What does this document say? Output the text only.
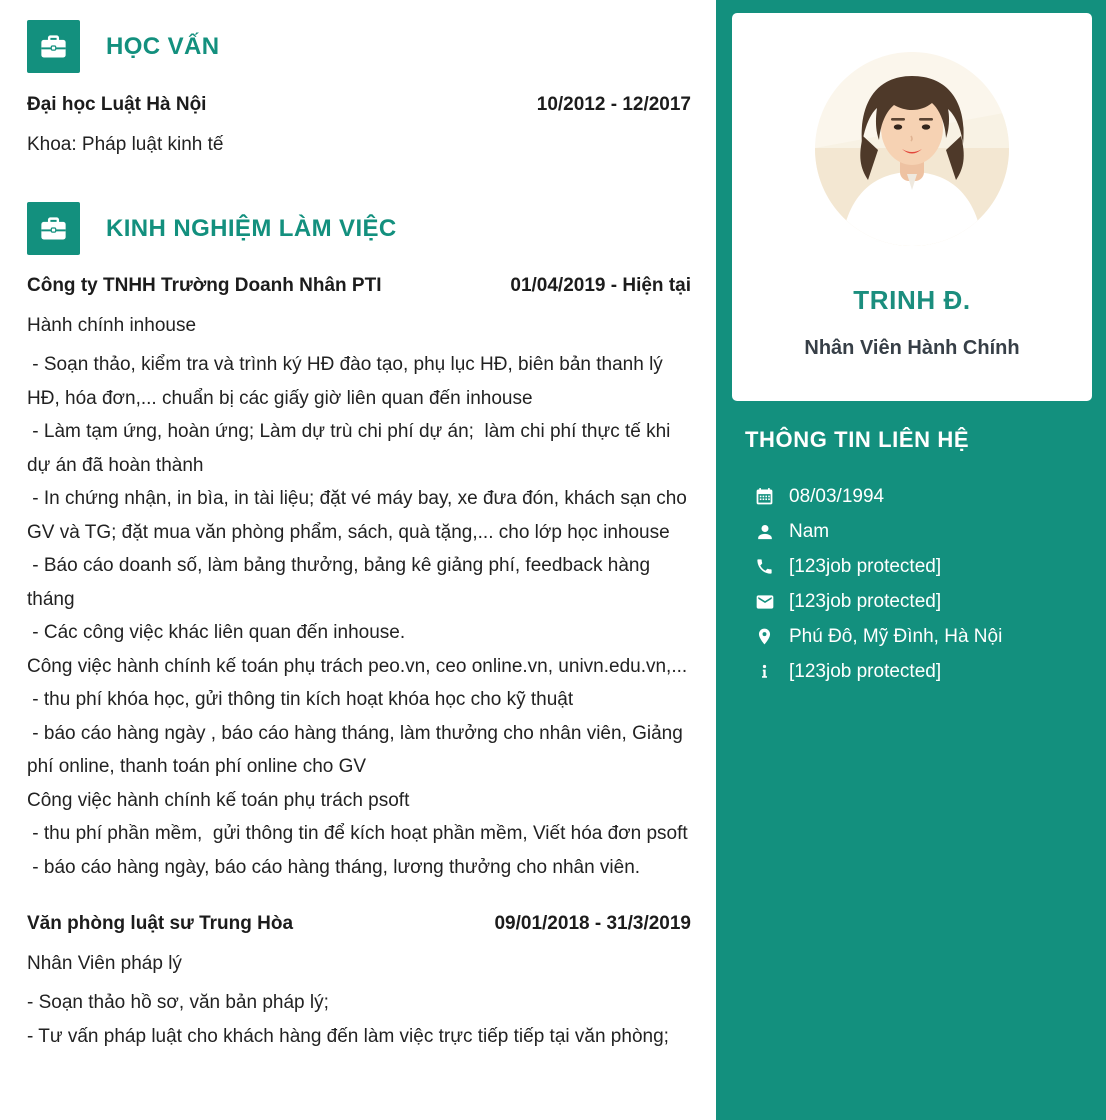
HỌC VẤN
Đại học Luật Hà Nội	10/2012 - 12/2017
Khoa: Pháp luật kinh tế
KINH NGHIỆM LÀM VIỆC
Công ty TNHH Trường Doanh Nhân PTI	01/04/2019 - Hiện tại
Hành chính inhouse

- Soạn thảo, kiểm tra và trình ký HĐ đào tạo, phụ lục HĐ, biên bản thanh lý HĐ, hóa đơn,... chuẩn bị các giấy giờ liên quan đến inhouse

- Làm tạm ứng, hoàn ứng; Làm dự trù chi phí dự án;  làm chi phí thực tế khi dự án đã hoàn thành

- In chứng nhận, in bìa, in tài liệu; đặt vé máy bay, xe đưa đón, khách sạn cho GV và TG; đặt mua văn phòng phẩm, sách, quà tặng,... cho lớp học inhouse

- Báo cáo doanh số, làm bảng thưởng, bảng kê giảng phí, feedback hàng tháng

- Các công việc khác liên quan đến inhouse.

Công việc hành chính kế toán phụ trách peo.vn, ceo online.vn, univn.edu.vn,...

- thu phí khóa học, gửi thông tin kích hoạt khóa học cho kỹ thuật

- báo cáo hàng ngày , báo cáo hàng tháng, làm thưởng cho nhân viên, Giảng phí online, thanh toán phí online cho GV

Công việc hành chính kế toán phụ trách psoft

- thu phí phần mềm,  gửi thông tin để kích hoạt phần mềm, Viết hóa đơn psoft

- báo cáo hàng ngày, báo cáo hàng tháng, lương thưởng cho nhân viên.

Văn phòng luật sư Trung Hòa	09/01/2018 - 31/3/2019
Nhân Viên pháp lý

- Soạn thảo hồ sơ, văn bản pháp lý;

- Tư vấn pháp luật cho khách hàng đến làm việc trực tiếp tiếp tại văn phòng;

TRINH Đ.
Nhân Viên Hành Chính
THÔNG TIN LIÊN HỆ
08/03/1994
Nam
[123job protected]
[123job protected]
Phú Đô, Mỹ Đình, Hà Nội
[123job protected]
